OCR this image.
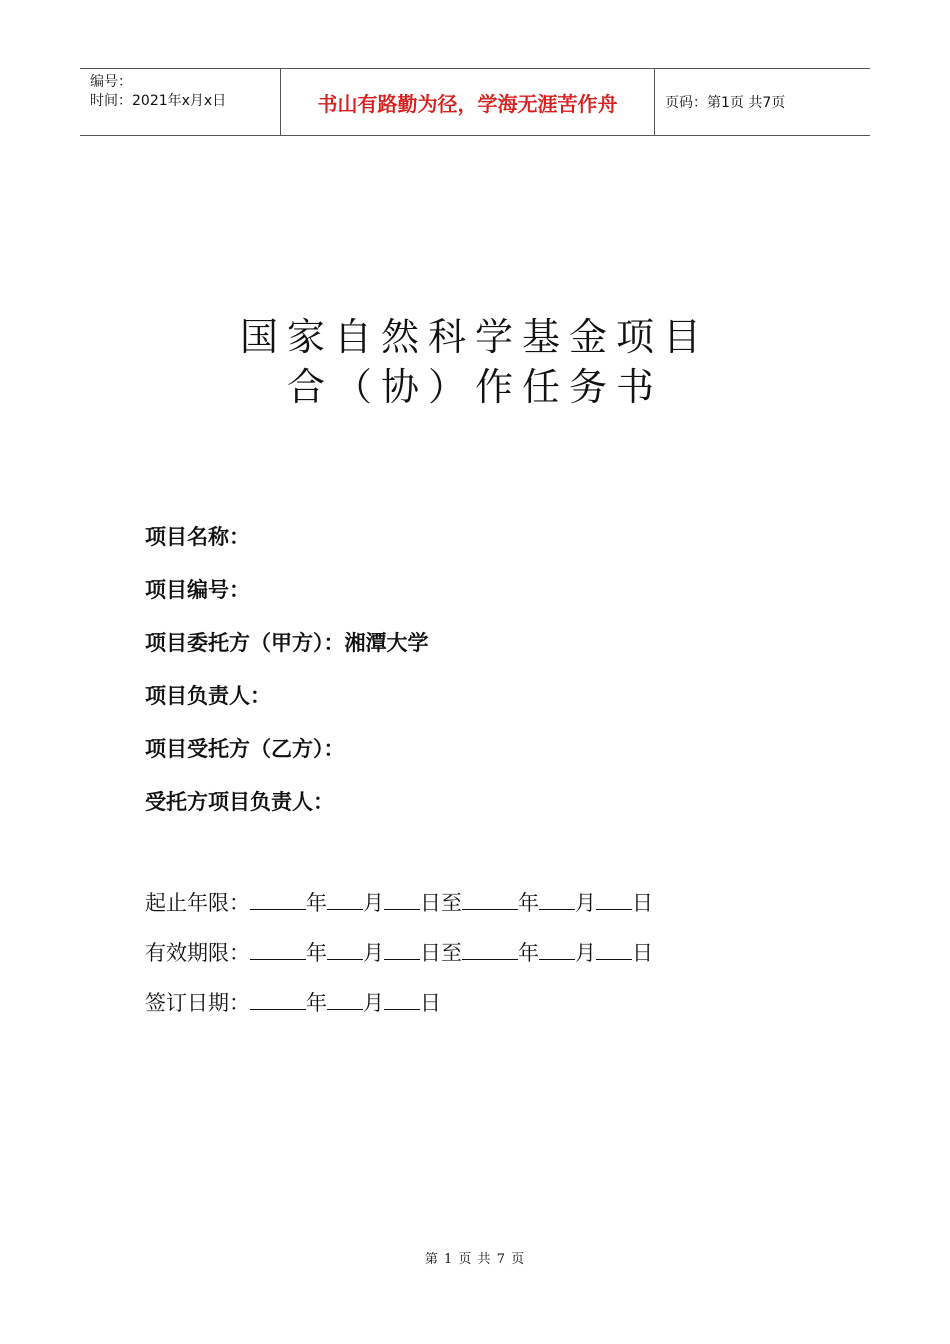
编号：
时间：2021年x月x日	书山有路勤为径，学海无涯苦作舟	页码：第1页 共7页
国家自然科学基金项目
合（协）作任务书
项目名称：
项目编号：
项目委托方（甲方）：湘潭大学
项目负责人：
项目受托方（乙方）：
受托方项目负责人：
起止年限：	年 月 日至	年 月 日
有效期限：	年 月 日至	年 月 日
签订日期：	年 月 日
第 1 页 共 7 页
